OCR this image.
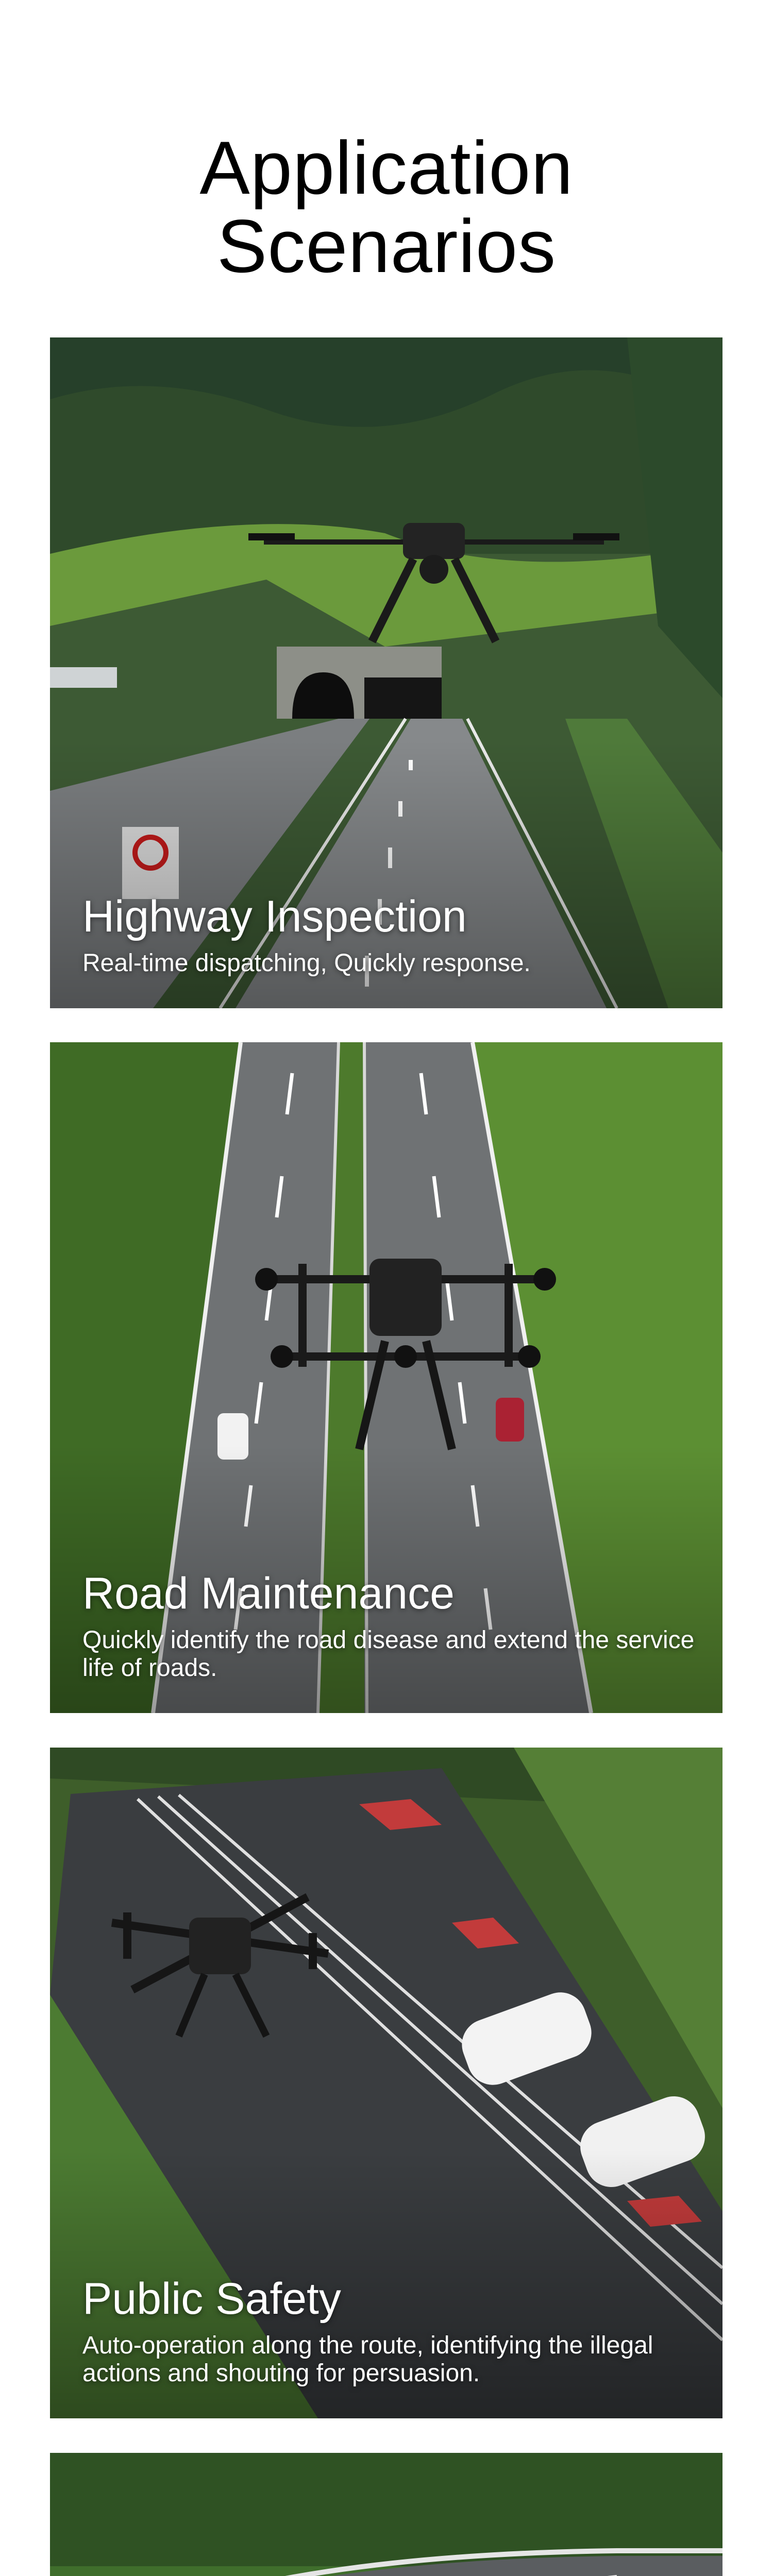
Application
Scenarios

Highway Inspection

Real-time dispatching, Quickly response.

Road Maintenance

Quickly identify the road disease and extend the service life of roads.

Public Safety

Auto-operation along the route, identifying the illegal actions and shouting for persuasion.
